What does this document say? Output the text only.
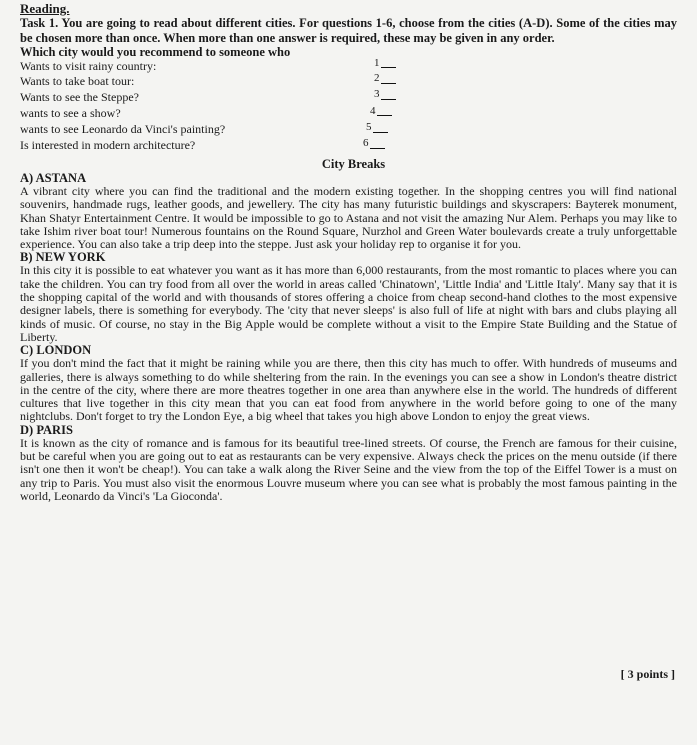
Reading.
Task 1. You are going to read about different cities. For questions 1-6, choose from the cities (A-D). Some of the cities may be chosen more than once. When more than one answer is required, these may be given in any order.
Which city would you recommend to someone who
Wants to visit rainy country:
Wants to take boat tour:
Wants to see the Steppe?
wants to see a show?
wants to see Leonardo da Vinci's painting?
Is interested in modern architecture?
1
2
3
4
5
6
City Breaks
A) ASTANA
A vibrant city where you can find the traditional and the modern existing together. In the shopping centres you will find national souvenirs, handmade rugs, leather goods, and jewellery. The city has many futuristic buildings and skyscrapers: Bayterek monument, Khan Shatyr Entertainment Centre. It would be impossible to go to Astana and not visit the amazing Nur Alem. Perhaps you may like to take Ishim river boat tour! Numerous fountains on the Round Square, Nurzhol and Green Water boulevards create a truly unforgettable experience. You can also take a trip deep into the steppe. Just ask your holiday rep to organise it for you.
B) NEW YORK
In this city it is possible to eat whatever you want as it has more than 6,000 restaurants, from the most romantic to places where you can take the children. You can try food from all over the world in areas called 'Chinatown', 'Little India' and 'Little Italy'. Many say that it is the shopping capital of the world and with thousands of stores offering a choice from cheap second-hand clothes to the most expensive designer labels, there is something for everybody. The 'city that never sleeps' is also full of life at night with bars and clubs playing all kinds of music. Of course, no stay in the Big Apple would be complete without a visit to the Empire State Building and the Statue of Liberty.
C) LONDON
If you don't mind the fact that it might be raining while you are there, then this city has much to offer. With hundreds of museums and galleries, there is always something to do while sheltering from the rain. In the evenings you can see a show in London's theatre district in the centre of the city, where there are more theatres together in one area than anywhere else in the world. The hundreds of different cultures that live together in this city mean that you can eat food from anywhere in the world before going to one of the many nightclubs. Don't forget to try the London Eye, a big wheel that takes you high above London to enjoy the great views.
D) PARIS
It is known as the city of romance and is famous for its beautiful tree-lined streets. Of course, the French are famous for their cuisine, but be careful when you are going out to eat as restaurants can be very expensive. Always check the prices on the menu outside (if there isn't one then it won't be cheap!). You can take a walk along the River Seine and the view from the top of the Eiffel Tower is a must on any trip to Paris. You must also visit the enormous Louvre museum where you can see what is probably the most famous painting in the world, Leonardo da Vinci's 'La Gioconda'.
[ 3 points ]
